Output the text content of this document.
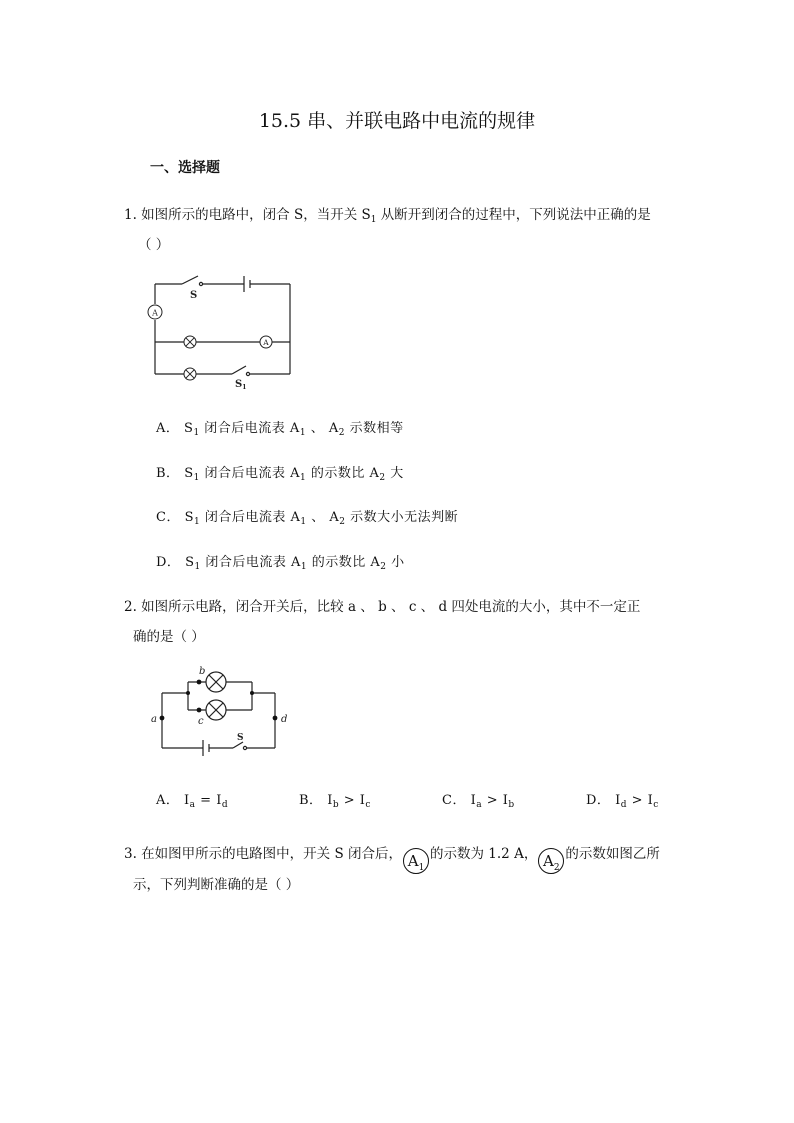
15.5 串、并联电路中电流的规律
一、选择题
1. 如图所示的电路中，闭合 S，当开关 $S_1$ 从断开到闭合的过程中，下列说法中正确的是
（ ）
A
A
S
$S_1$
A． $S_1$ 闭合后电流表 $A_1$ 、 $A_2$ 示数相等
B． $S_1$ 闭合后电流表 $A_1$ 的示数比 $A_2$ 大
C． $S_1$ 闭合后电流表 $A_1$ 、 $A_2$ 示数大小无法判断
D． $S_1$ 闭合后电流表 $A_1$ 的示数比 $A_2$ 小
2. 如图所示电路，闭合开关后，比较 a 、 b 、 c 、 d 四处电流的大小，其中不一定正
确的是（ ）
a
b
c	d
S
A． $I_a = I_d$	B． $I_b > I_c$	C． $I_a > I_b$	D． $I_d > I_c$
3. 在如图甲所示的电路图中，开关 S 闭合后， $A_1$的示数为 1.2 A， $A_2$的示数如图乙所
示，下列判断准确的是（ ）
